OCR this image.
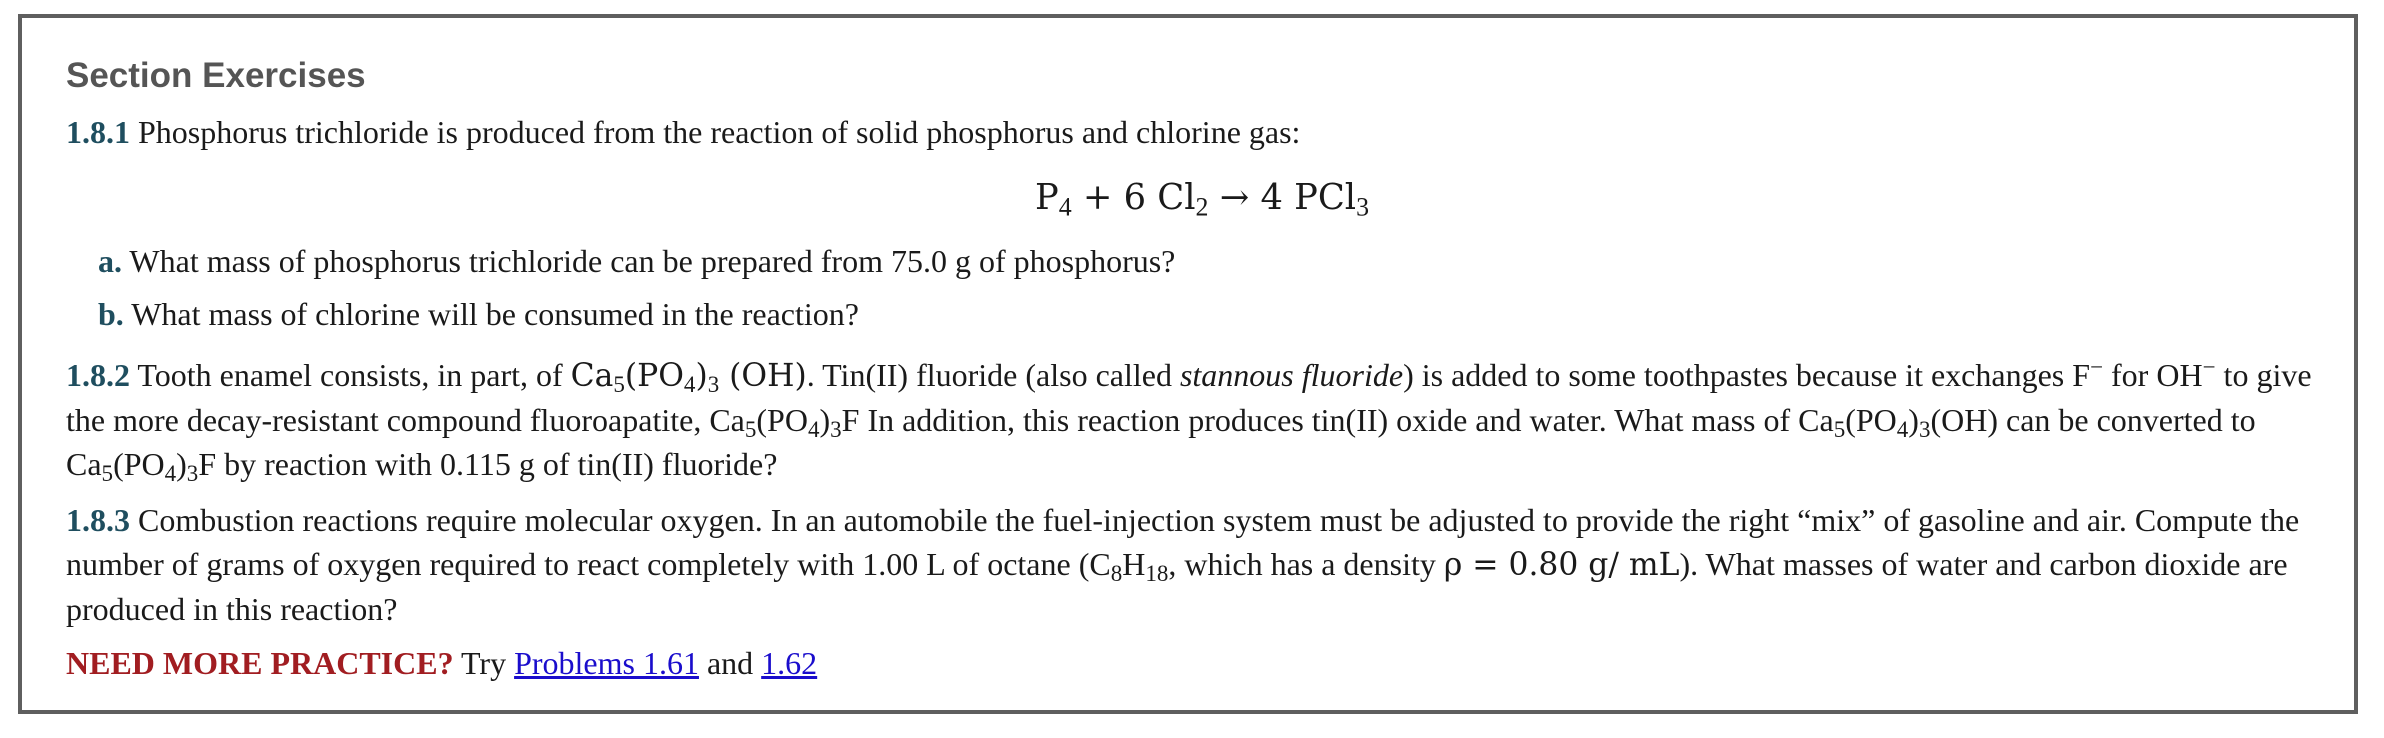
Section Exercises

1.8.1 Phosphorus trichloride is produced from the reaction of solid phosphorus and chlorine gas:

$P_4 + 6$ $Cl_2 \to 4$ PCl$_3$
a. What mass of phosphorus trichloride can be prepared from 75.0 g of phosphorus?
b. What mass of chlorine will be consumed in the reaction?

1.8.2 Tooth enamel consists, in part, of $Ca_5(PO_4)_3$ (OH). Tin(II) fluoride (also called stannous fluoride) is added to some toothpastes because it exchanges F− for OH− to give the more decay-resistant compound fluoroapatite, $Ca_5(PO_4)_3F$ In addition, this reaction produces tin(II) oxide and water. What mass of $Ca_5(PO_4)_3(OH)$ can be converted to $Ca_5(PO_4)_3F$ by reaction with 0.115 g of tin(II) fluoride?

1.8.3 Combustion reactions require molecular oxygen. In an automobile the fuel-injection system must be adjusted to provide the right “mix” of gasoline and air. Compute the number of grams of oxygen required to react completely with 1.00 L of octane ($C_8H_{18}$, which has a density ρ = 0.80 g/ mL). What masses of water and carbon dioxide are produced in this reaction?

NEED MORE PRACTICE? Try Problems 1.61 and 1.62
